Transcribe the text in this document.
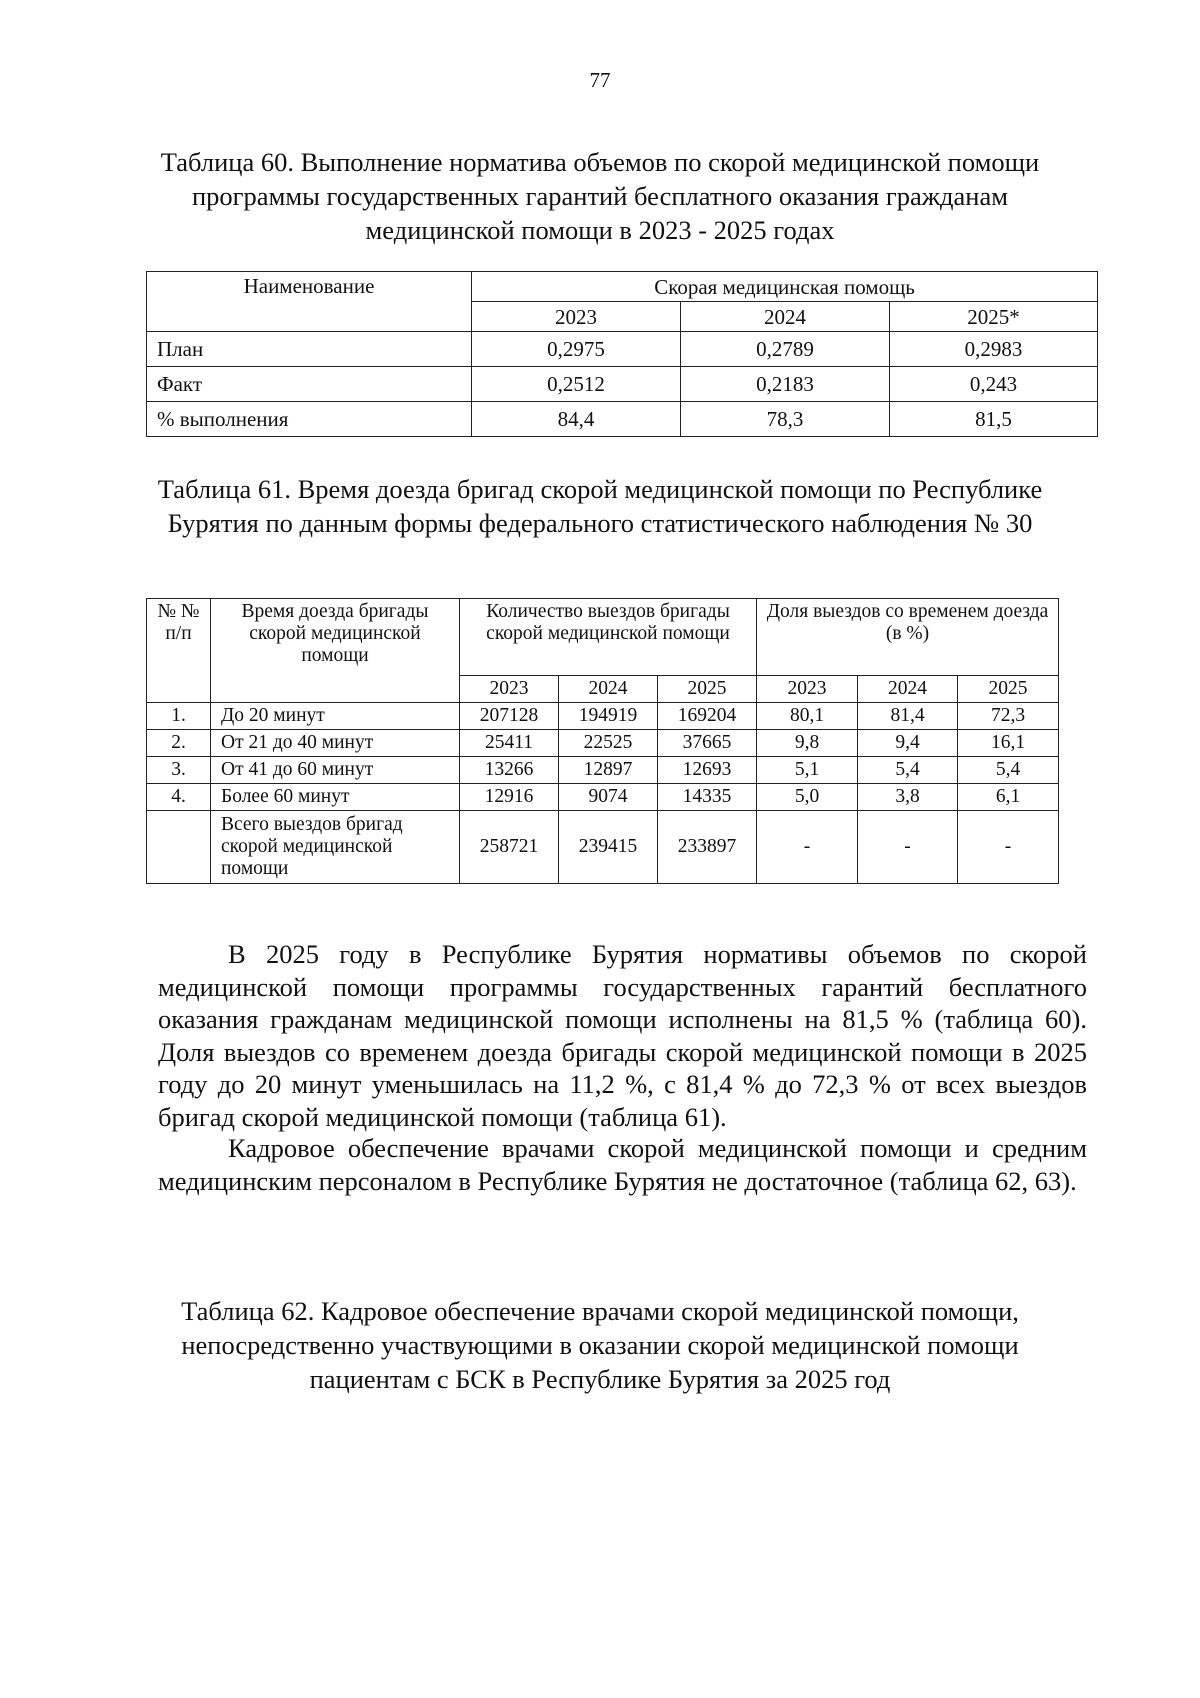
77
Таблица 60. Выполнение норматива объемов по скорой медицинской помощи программы государственных гарантий бесплатного оказания гражданам медицинской помощи в 2023 - 2025 годах
Наименование	Скорая медицинская помощь		
	2023	2024	2025*
План	0,2975	0,2789	0,2983
Факт	0,2512	0,2183	0,243
% выполнения	84,4	78,3	81,5
Таблица 61. Время доезда бригад скорой медицинской помощи по Республике Бурятия по данным формы федерального статистического наблюдения № 30
№ № п/п	Время доезда бригады скорой медицинской помощи	Количество выездов бригады скорой медицинской помощи			Доля выездов со временем доезда (в %)		
		2023	2024	2025	2023	2024	2025
1.	До 20 минут	207128	194919	169204	80,1	81,4	72,3
2.	От 21 до 40 минут	25411	22525	37665	9,8	9,4	16,1
3.	От 41 до 60 минут	13266	12897	12693	5,1	5,4	5,4
4.	Более 60 минут	12916	9074	14335	5,0	3,8	6,1
	Всего выездов бригад скорой медицинской помощи	258721	239415	233897	-	-	-

В 2025 году в Республике Бурятия нормативы объемов по скорой медицинской помощи программы государственных гарантий бесплатного оказания гражданам медицинской помощи исполнены на 81,5 % (таблица 60). Доля выездов со временем доезда бригады скорой медицинской помощи в 2025 году до 20 минут уменьшилась на 11,2 %, с 81,4 % до 72,3 % от всех выездов бригад скорой медицинской помощи (таблица 61).

Кадровое обеспечение врачами скорой медицинской помощи и средним медицинским персоналом в Республике Бурятия не достаточное (таблица 62, 63).

Таблица 62. Кадровое обеспечение врачами скорой медицинской помощи, непосредственно участвующими в оказании скорой медицинской помощи пациентам с БСК в Республике Бурятия за 2025 год
